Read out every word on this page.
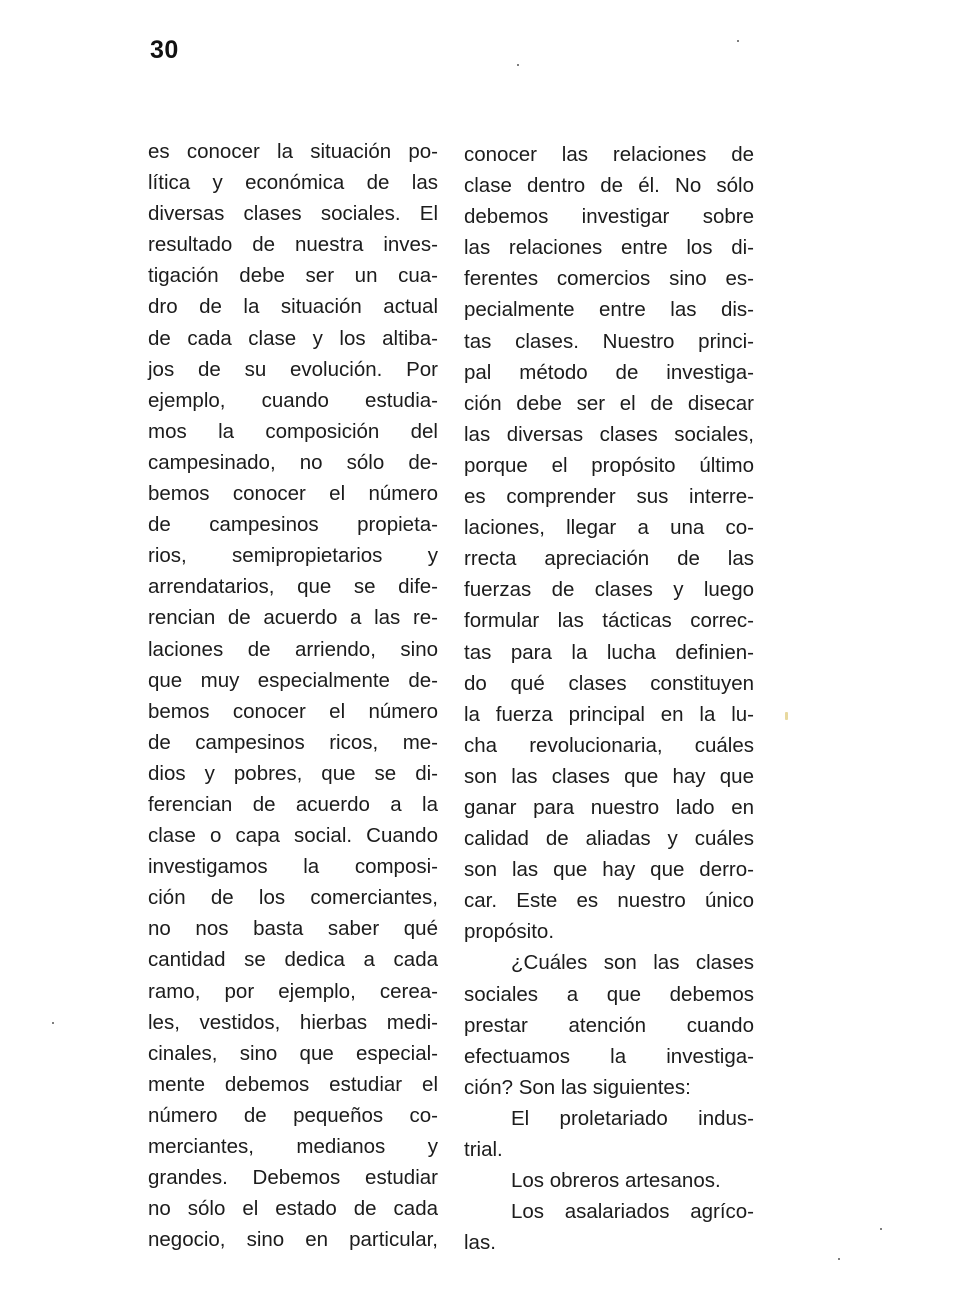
30
es conocer la situación po-
lítica y económica de las
diversas clases sociales. El
resultado de nuestra inves-
tigación debe ser un cua-
dro de la situación actual
de cada clase y los altiba-
jos de su evolución. Por
ejemplo, cuando estudia-
mos la composición del
campesinado, no sólo de-
bemos conocer el número
de campesinos propieta-
rios, semipropietarios y
arrendatarios, que se dife-
rencian de acuerdo a las re-
laciones de arriendo, sino
que muy especialmente de-
bemos conocer el número
de campesinos ricos, me-
dios y pobres, que se di-
ferencian de acuerdo a la
clase o capa social. Cuando
investigamos la composi-
ción de los comerciantes,
no nos basta saber qué
cantidad se dedica a cada
ramo, por ejemplo, cerea-
les, vestidos, hierbas medi-
cinales, sino que especial-
mente debemos estudiar el
número de pequeños co-
merciantes, medianos y
grandes. Debemos estudiar
no sólo el estado de cada
negocio, sino en particular,
conocer las relaciones de
clase dentro de él. No sólo
debemos investigar sobre
las relaciones entre los di-
ferentes comercios sino es-
pecialmente entre las dis-
tas clases. Nuestro princi-
pal método de investiga-
ción debe ser el de disecar
las diversas clases sociales,
porque el propósito último
es comprender sus interre-
laciones, llegar a una co-
rrecta apreciación de las
fuerzas de clases y luego
formular las tácticas correc-
tas para la lucha definien-
do qué clases constituyen
la fuerza principal en la lu-
cha revolucionaria, cuáles
son las clases que hay que
ganar para nuestro lado en
calidad de aliadas y cuáles
son las que hay que derro-
car. Este es nuestro único
propósito.
¿Cuáles son las clases
sociales a que debemos
prestar atención cuando
efectuamos la investiga-
ción? Son las siguientes:
El proletariado indus-
trial.
Los obreros artesanos.
Los asalariados agríco-
las.
